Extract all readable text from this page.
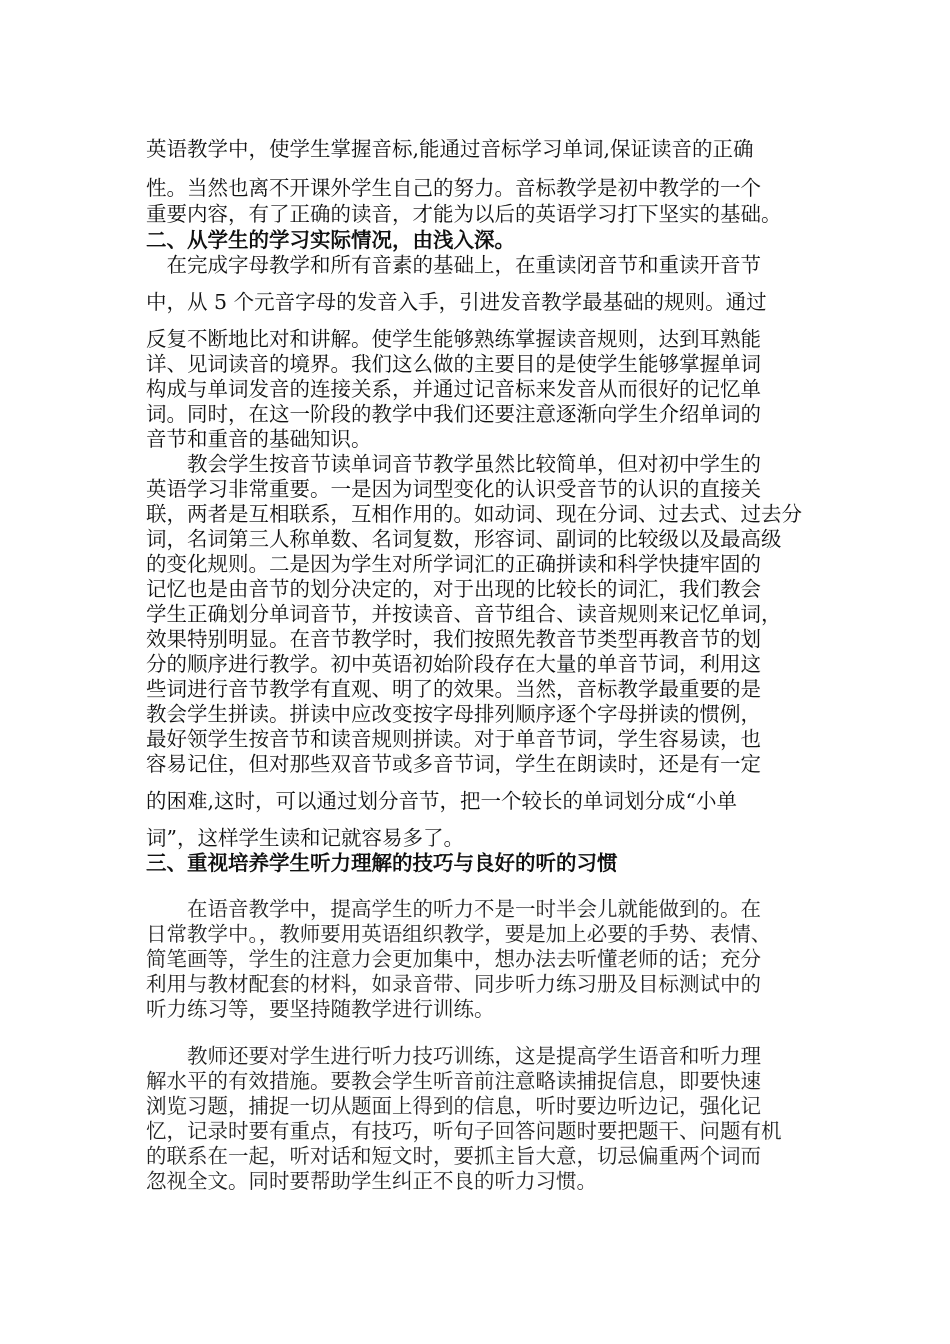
英语教学中，使学生掌握音标,能通过音标学习单词,保证读音的正确
性。当然也离不开课外学生自己的努力。音标教学是初中教学的一个
重要内容，有了正确的读音，才能为以后的英语学习打下坚实的基础。
二、从学生的学习实际情况，由浅入深。
　在完成字母教学和所有音素的基础上，在重读闭音节和重读开音节
中，从 5 个元音字母的发音入手，引进发音教学最基础的规则。通过
反复不断地比对和讲解。使学生能够熟练掌握读音规则，达到耳熟能
详、见词读音的境界。我们这么做的主要目的是使学生能够掌握单词
构成与单词发音的连接关系，并通过记音标来发音从而很好的记忆单
词。同时，在这一阶段的教学中我们还要注意逐渐向学生介绍单词的
音节和重音的基础知识。
　　教会学生按音节读单词音节教学虽然比较简单，但对初中学生的
英语学习非常重要。一是因为词型变化的认识受音节的认识的直接关
联，两者是互相联系，互相作用的。如动词、现在分词、过去式、过去分
词，名词第三人称单数、名词复数，形容词、副词的比较级以及最高级
的变化规则。二是因为学生对所学词汇的正确拼读和科学快捷牢固的
记忆也是由音节的划分决定的，对于出现的比较长的词汇，我们教会
学生正确划分单词音节，并按读音、音节组合、读音规则来记忆单词，
效果特别明显。在音节教学时，我们按照先教音节类型再教音节的划
分的顺序进行教学。初中英语初始阶段存在大量的单音节词，利用这
些词进行音节教学有直观、明了的效果。当然，音标教学最重要的是
教会学生拼读。拼读中应改变按字母排列顺序逐个字母拼读的惯例，
最好领学生按音节和读音规则拼读。对于单音节词，学生容易读，也
容易记住，但对那些双音节或多音节词，学生在朗读时，还是有一定
的困难,这时，可以通过划分音节，把一个较长的单词划分成“小单
词”，这样学生读和记就容易多了。
三、重视培养学生听力理解的技巧与良好的听的习惯
　　在语音教学中，提高学生的听力不是一时半会儿就能做到的。在
日常教学中。，教师要用英语组织教学，要是加上必要的手势、表情、
简笔画等，学生的注意力会更加集中，想办法去听懂老师的话；充分
利用与教材配套的材料，如录音带、同步听力练习册及目标测试中的
听力练习等，要坚持随教学进行训练。
　　教师还要对学生进行听力技巧训练，这是提高学生语音和听力理
解水平的有效措施。要教会学生听音前注意略读捕捉信息，即要快速
浏览习题，捕捉一切从题面上得到的信息，听时要边听边记，强化记
忆，记录时要有重点，有技巧，听句子回答问题时要把题干、问题有机
的联系在一起，听对话和短文时，要抓主旨大意，切忌偏重两个词而
忽视全文。同时要帮助学生纠正不良的听力习惯。
